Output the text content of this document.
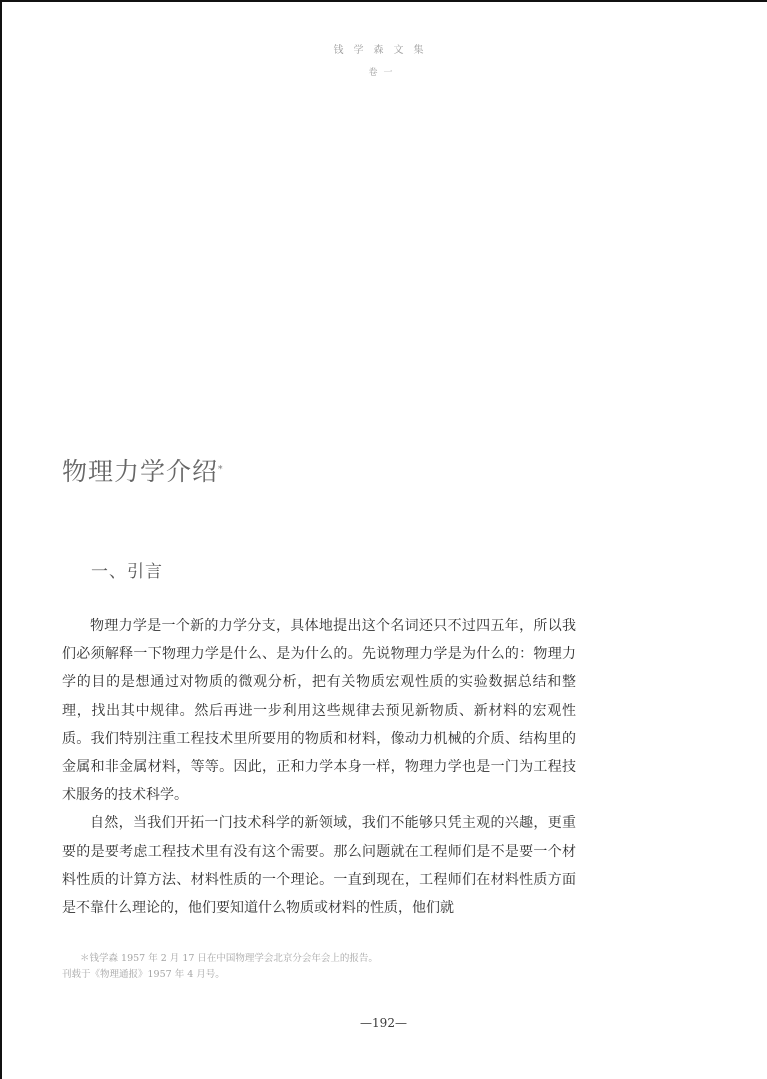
钱学森文集
卷一
物理力学介绍*
一、引言

物理力学是一个新的力学分支，具体地提出这个名词还只不过四五年，所以我们必须解释一下物理力学是什么、是为什么的。先说物理力学是为什么的：物理力学的目的是想通过对物质的微观分析，把有关物质宏观性质的实验数据总结和整理，找出其中规律。然后再进一步利用这些规律去预见新物质、新材料的宏观性质。我们特别注重工程技术里所要用的物质和材料，像动力机械的介质、结构里的金属和非金属材料，等等。因此，正和力学本身一样，物理力学也是一门为工程技术服务的技术科学。

自然，当我们开拓一门技术科学的新领域，我们不能够只凭主观的兴趣，更重要的是要考虑工程技术里有没有这个需要。那么问题就在工程师们是不是要一个材料性质的计算方法、材料性质的一个理论。一直到现在，工程师们在材料性质方面是不靠什么理论的，他们要知道什么物质或材料的性质，他们就

＊钱学森 1957 年 2 月 17 日在中国物理学会北京分会年会上的报告。
刊载于《物理通报》1957 年 4 月号。
—192—
